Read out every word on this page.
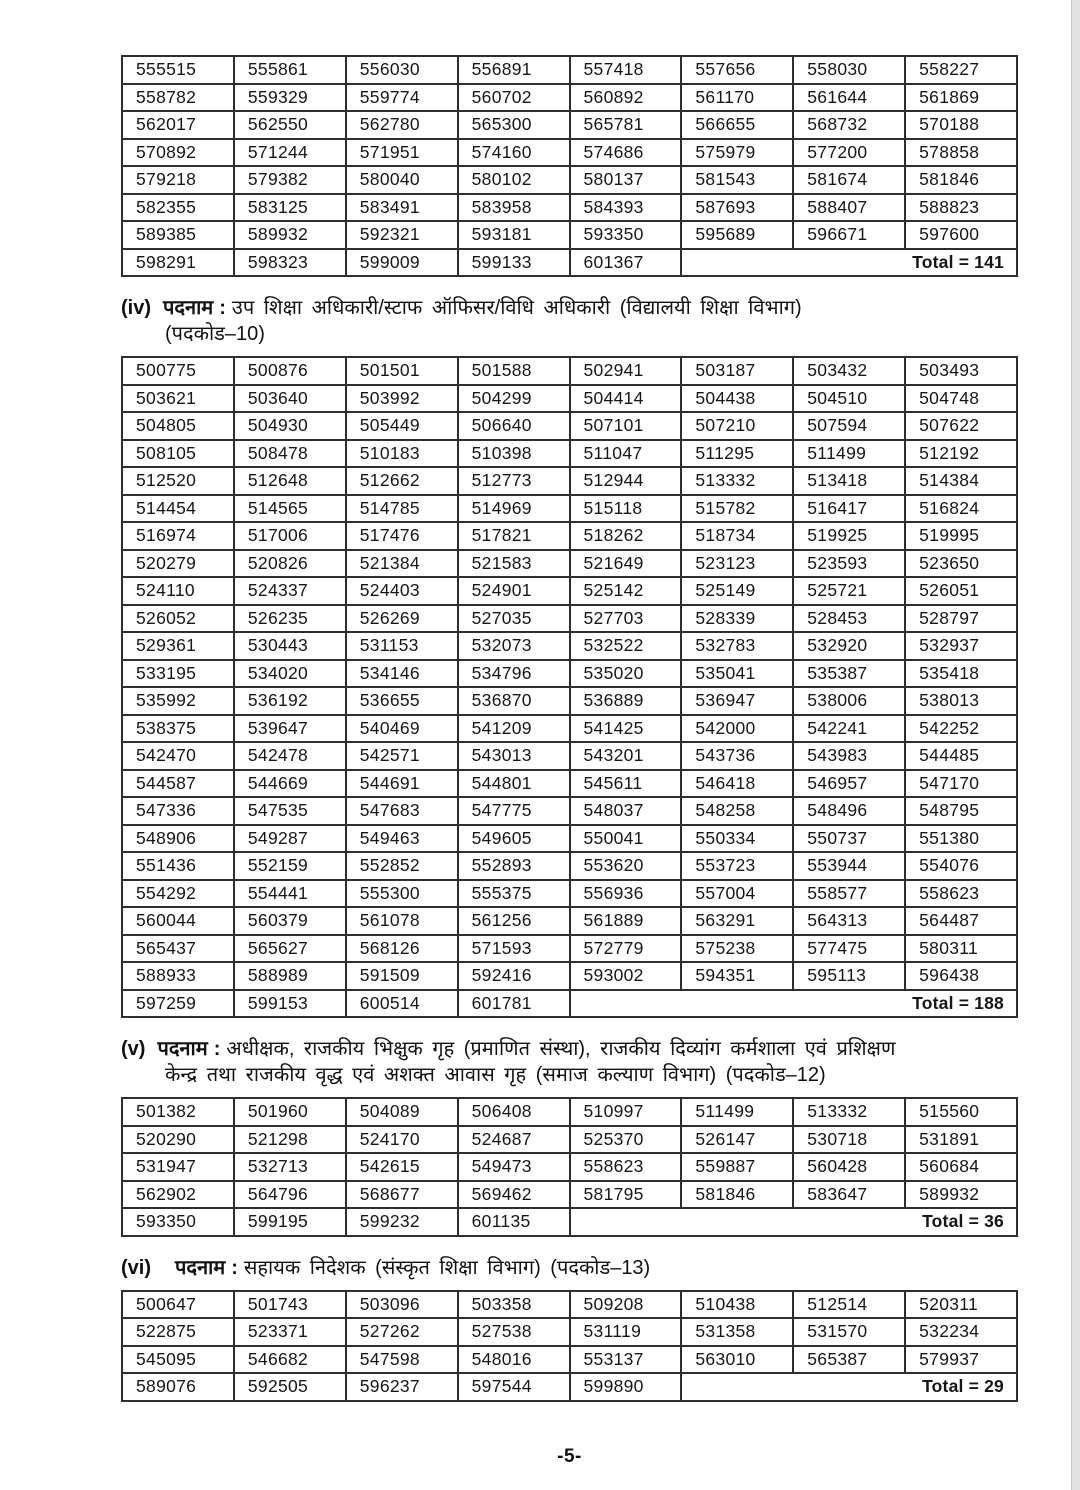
555515	555861	556030	556891	557418	557656	558030	558227
558782	559329	559774	560702	560892	561170	561644	561869
562017	562550	562780	565300	565781	566655	568732	570188
570892	571244	571951	574160	574686	575979	577200	578858
579218	579382	580040	580102	580137	581543	581674	581846
582355	583125	583491	583958	584393	587693	588407	588823
589385	589932	592321	593181	593350	595689	596671	597600
598291	598323	599009	599133	601367	Total = 141		
(iv) पदनाम : उप शिक्षा अधिकारी/स्टाफ ऑफिसर/विधि अधिकारी (विद्यालयी शिक्षा विभाग)
(पदकोड–10)
500775	500876	501501	501588	502941	503187	503432	503493
503621	503640	503992	504299	504414	504438	504510	504748
504805	504930	505449	506640	507101	507210	507594	507622
508105	508478	510183	510398	511047	511295	511499	512192
512520	512648	512662	512773	512944	513332	513418	514384
514454	514565	514785	514969	515118	515782	516417	516824
516974	517006	517476	517821	518262	518734	519925	519995
520279	520826	521384	521583	521649	523123	523593	523650
524110	524337	524403	524901	525142	525149	525721	526051
526052	526235	526269	527035	527703	528339	528453	528797
529361	530443	531153	532073	532522	532783	532920	532937
533195	534020	534146	534796	535020	535041	535387	535418
535992	536192	536655	536870	536889	536947	538006	538013
538375	539647	540469	541209	541425	542000	542241	542252
542470	542478	542571	543013	543201	543736	543983	544485
544587	544669	544691	544801	545611	546418	546957	547170
547336	547535	547683	547775	548037	548258	548496	548795
548906	549287	549463	549605	550041	550334	550737	551380
551436	552159	552852	552893	553620	553723	553944	554076
554292	554441	555300	555375	556936	557004	558577	558623
560044	560379	561078	561256	561889	563291	564313	564487
565437	565627	568126	571593	572779	575238	577475	580311
588933	588989	591509	592416	593002	594351	595113	596438
597259	599153	600514	601781	Total = 188			
(v) पदनाम : अधीक्षक, राजकीय भिक्षुक गृह (प्रमाणित संस्था), राजकीय दिव्यांग कर्मशाला एवं प्रशिक्षण
केन्द्र तथा राजकीय वृद्ध एवं अशक्त आवास गृह (समाज कल्याण विभाग) (पदकोड–12)
501382	501960	504089	506408	510997	511499	513332	515560
520290	521298	524170	524687	525370	526147	530718	531891
531947	532713	542615	549473	558623	559887	560428	560684
562902	564796	568677	569462	581795	581846	583647	589932
593350	599195	599232	601135	Total = 36			
(vi) पदनाम : सहायक निदेशक (संस्कृत शिक्षा विभाग) (पदकोड–13)
500647	501743	503096	503358	509208	510438	512514	520311
522875	523371	527262	527538	531119	531358	531570	532234
545095	546682	547598	548016	553137	563010	565387	579937
589076	592505	596237	597544	599890	Total = 29		
-5-
